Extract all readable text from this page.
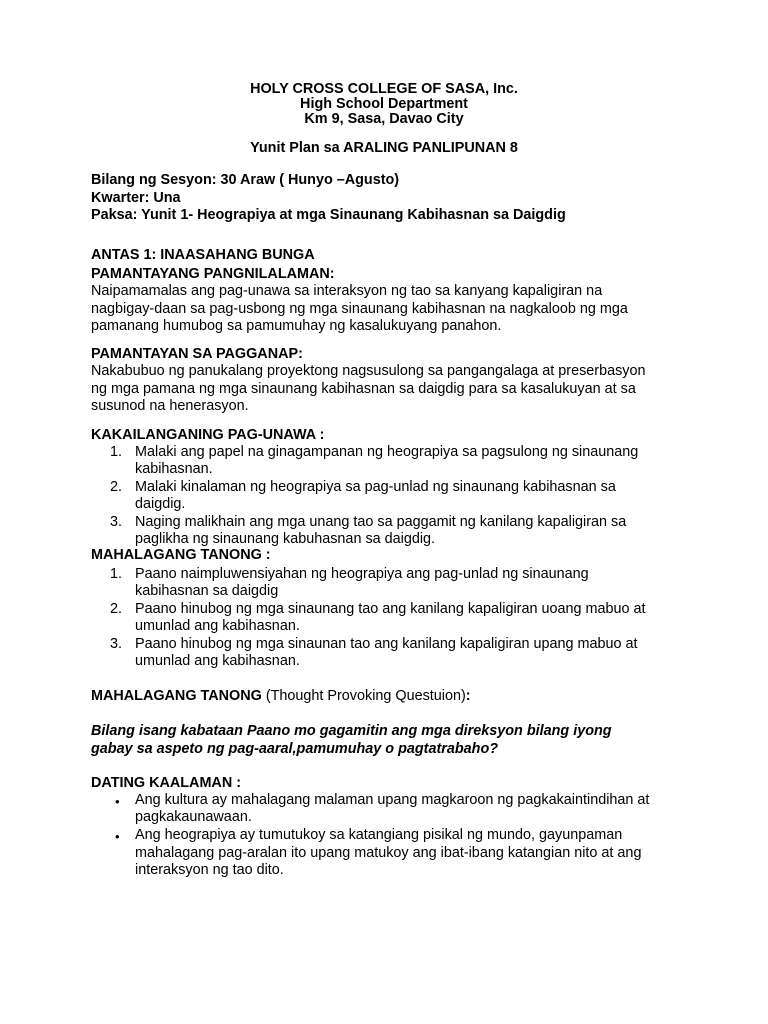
HOLY CROSS COLLEGE OF SASA, Inc.
High School Department
Km 9, Sasa, Davao City
Yunit Plan sa ARALING PANLIPUNAN 8
Bilang ng Sesyon: 30 Araw ( Hunyo –Agusto)
Kwarter: Una
Paksa: Yunit 1- Heograpiya at mga Sinaunang Kabihasnan sa Daigdig
ANTAS 1: INAASAHANG BUNGA
PAMANTAYANG PANGNILALAMAN:
Naipamamalas ang pag-unawa sa interaksyon ng tao sa kanyang kapaligiran na
nagbigay-daan sa pag-usbong ng mga sinaunang kabihasnan na nagkaloob ng mga
pamanang humubog sa pamumuhay ng kasalukuyang panahon.
PAMANTAYAN SA PAGGANAP:
Nakabubuo ng panukalang proyektong nagsusulong sa pangangalaga at preserbasyon
ng mga pamana ng mga sinaunang kabihasnan sa daigdig para sa kasalukuyan at sa
susunod na henerasyon.
KAKAILANGANING PAG-UNAWA :
1. Malaki ang papel na ginagampanan ng heograpiya sa pagsulong ng sinaunang
kabihasnan.
2. Malaki kinalaman ng heograpiya sa pag-unlad ng sinaunang kabihasnan sa
daigdig.
3. Naging malikhain ang mga unang tao sa paggamit ng kanilang kapaligiran sa
paglikha ng sinaunang kabuhasnan sa daigdig.
MAHALAGANG TANONG :
1. Paano naimpluwensiyahan ng heograpiya ang pag-unlad ng sinaunang
kabihasnan sa daigdig
2. Paano hinubog ng mga sinaunang tao ang kanilang kapaligiran uoang mabuo at
umunlad ang kabihasnan.
3. Paano hinubog ng mga sinaunan tao ang kanilang kapaligiran upang mabuo at
umunlad ang kabihasnan.
MAHALAGANG TANONG (Thought Provoking Questuion):
Bilang isang kabataan Paano mo gagamitin ang mga direksyon bilang iyong
gabay sa aspeto ng pag-aaral,pamumuhay o pagtatrabaho?
DATING KAALAMAN :
• Ang kultura ay mahalagang malaman upang magkaroon ng pagkakaintindihan at
pagkakaunawaan.
• Ang heograpiya ay tumutukoy sa katangiang pisikal ng mundo, gayunpaman
mahalagang pag-aralan ito upang matukoy ang ibat-ibang katangian nito at ang
interaksyon ng tao dito.
